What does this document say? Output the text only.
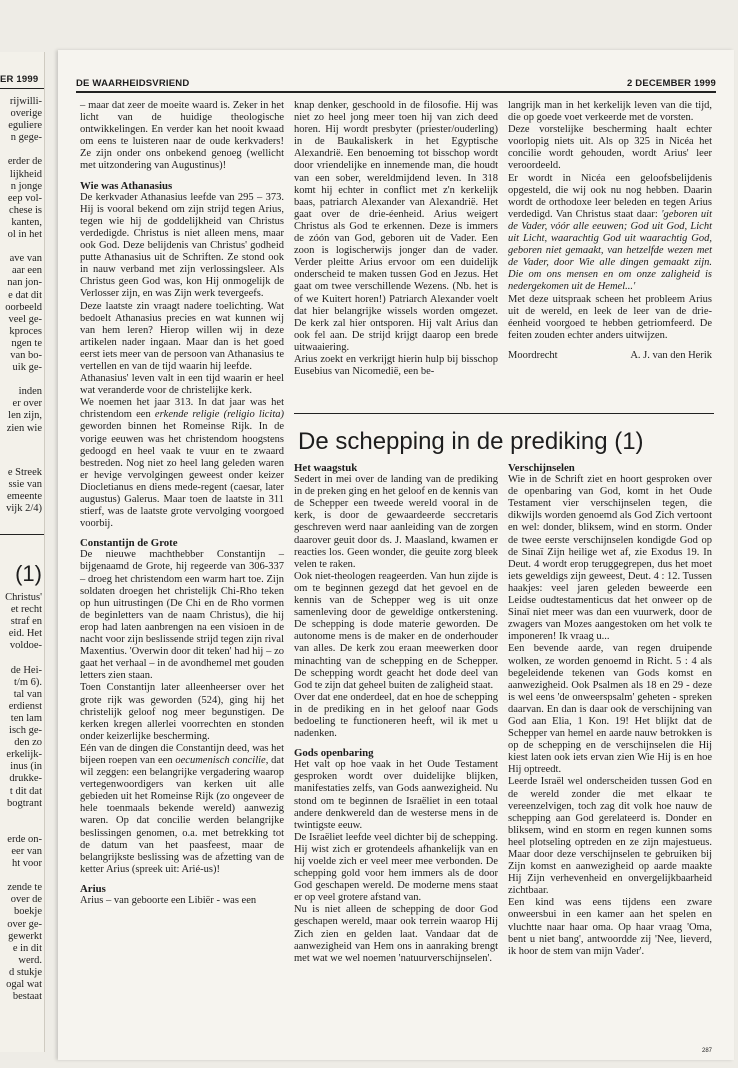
ER 1999
rijwilli-
overige
eguliere
n gege-

erder de
lijkheid
n jonge
eep vol-
chese is
kanten,
ol in het

ave van
aar een
nan jon-
e dat dit
oorbeeld
veel ge-
kproces
ngen te
van bo-
uik ge-

inden
er over
len zijn,
zien wie
e Streek
ssie van
emeente
vijk 2/4)
(1)
Christus'
et recht
straf en
eid. Het
voldoe-

de Hei-
t/m 6).
tal van
erdienst
ten lam
isch ge-
den zo
erkelijk-
inus (in
drukke-
t dit dat
bogtrant

erde on-
eer van
ht voor

zende te
over de
boekje
over ge-
gewerkt
e in dit
werd.
d stukje
ogal wat
bestaat
DE WAARHEIDSVRIEND	2 DECEMBER 1999

– maar dat zeer de moeite waard is. Zeker in het licht van de huidige theologische ontwikkelingen. En verder kan het nooit kwaad om eens te luisteren naar de oude kerkvaders! Ze zijn onder ons onbekend genoeg (wellicht met uitzondering van Augustinus)!

Wie was Athanasius

De kerkvader Athanasius leefde van 295 – 373. Hij is vooral bekend om zijn strijd tegen Arius, tegen wie hij de goddelijkheid van Christus verdedigde. Christus is niet alleen mens, maar ook God. Deze belijdenis van Christus' godheid putte Athanasius uit de Schriften. Ze stond ook in nauw verband met zijn verlossingsleer. Als Christus geen God was, kon Hij onmogelijk de Verlosser zijn, en was Zijn werk tevergeefs.

Deze laatste zin vraagt nadere toelichting. Wat bedoelt Athanasius precies en wat kunnen wij van hem leren? Hierop willen wij in deze artikelen nader ingaan. Maar dan is het goed eerst iets meer van de persoon van Athanasius te vertellen en van de tijd waarin hij leefde.

Athanasius' leven valt in een tijd waarin er heel wat veranderde voor de christelijke kerk.

We noemen het jaar 313. In dat jaar was het christendom een erkende religie (religio licita) geworden binnen het Romeinse Rijk. In de vorige eeuwen was het christendom hoogstens gedoogd en heel vaak te vuur en te zwaard bestreden. Nog niet zo heel lang geleden waren er hevige vervolgingen geweest onder keizer Diocletianus en diens mede-regent (caesar, later augustus) Galerus. Maar toen de laatste in 311 stierf, was de laatste grote vervolging voorgoed voorbij.

Constantijn de Grote

De nieuwe machthebber Constantijn – bijgenaamd de Grote, hij regeerde van 306-337 – droeg het christendom een warm hart toe. Zijn soldaten droegen het christelijk Chi-Rho teken op hun uitrustingen (De Chi en de Rho vormen de beginletters van de naam Christus), die hij erop had laten aanbrengen na een visioen in de nacht voor zijn beslissende strijd tegen zijn rival Maxentius. 'Overwin door dit teken' had hij – zo gaat het verhaal – in de avondhemel met gouden letters zien staan.

Toen Constantijn later alleenheerser over het grote rijk was geworden (524), ging hij het christelijk geloof nog meer begunstigen. De kerken kregen allerlei voorrechten en stonden onder keizerlijke bescherming.

Eén van de dingen die Constantijn deed, was het bijeen roepen van een oecumenisch concilie, dat wil zeggen: een belangrijke vergadering waarop vertegenwoordigers van kerken uit alle gebieden uit het Romeinse Rijk (zo ongeveer de hele toenmaals bekende wereld) aanwezig waren. Op dat concilie werden belangrijke beslissingen genomen, o.a. met betrekking tot de datum van het paasfeest, maar de belangrijkste beslissing was de afzetting van de ketter Arius (spreek uit: Arié-us)!

Arius

Arius – van geboorte een Libiër - was een

knap denker, geschoold in de filosofie. Hij was niet zo heel jong meer toen hij van zich deed horen. Hij wordt presbyter (priester/ouderling) in de Baukaliskerk in het Egyptische Alexandrië. Een benoeming tot bisschop wordt door vriendelijke en innemende man, die houdt van een sober, wereldmijdend leven. In 318 komt hij echter in conflict met z'n kerkelijk baas, patriarch Alexander van Alexandrië. Het gaat over de drie-éenheid. Arius weigert Christus als God te erkennen. Deze is immers de zóón van God, geboren uit de Vader. Een zoon is logischerwijs jonger dan de vader. Verder pleitte Arius ervoor om een duidelijk onderscheid te maken tussen God en Jezus. Het gaat om twee verschillende Wezens. (Nb. het is of we Kuitert horen!) Patriarch Alexander voelt dat hier belangrijke wissels worden omgezet. De kerk zal hier ontsporen. Hij valt Arius dan ook fel aan. De strijd krijgt daarop een brede uitwaaiering.

Arius zoekt en verkrijgt hierin hulp bij bisschop Eusebius van Nicomedië, een be-

langrijk man in het kerkelijk leven van die tijd, die op goede voet verkeerde met de vorsten.

Deze vorstelijke bescherming haalt echter voorlopig niets uit. Als op 325 in Nicéa het concilie wordt gehouden, wordt Arius' leer veroordeeld.

Er wordt in Nicéa een geloofsbelijdenis opgesteld, die wij ook nu nog hebben. Daarin wordt de orthodoxe leer beleden en tegen Arius verdedigd. Van Christus staat daar: 'geboren uit de Vader, vóór alle eeuwen; God uit God, Licht uit Licht, waarachtig God uit waarachtig God, geboren niet gemaakt, van hetzelfde wezen met de Vader, door Wie alle dingen gemaakt zijn. Die om ons mensen en om onze zaligheid is nedergekomen uit de Hemel...'

Met deze uitspraak scheen het probleem Arius uit de wereld, en leek de leer van de drie-éenheid voorgoed te hebben getriomfeerd. De feiten zouden echter anders uitwijzen.

Moordrecht	A. J. van den Herik
De schepping in de prediking (1)
Het waagstuk

Sedert in mei over de landing van de prediking in de preken ging en het geloof en de kennis van de Schepper een tweede wereld vooral in de kerk, is door de gewaardeerde seccretaris geschreven werd naar aanleiding van de zorgen daarover geuit door ds. J. Maasland, kwamen er reacties los. Geen wonder, die geuite zorg bleek velen te raken.

Ook niet-theologen reageerden. Van hun zijde is om te beginnen gezegd dat het gevoel en de kennis van de Schepper weg is uit onze samenleving door de geweldige ontkerstening. De schepping is dode materie geworden. De autonome mens is de maker en de onderhouder van alles. De kerk zou eraan meewerken door minachting van de schepping en de Schepper. De schepping wordt geacht het dode deel van God te zijn dat geheel buiten de zaligheid staat.

Over dat ene onderdeel, dat en hoe de schepping in de prediking en in het geloof naar Gods bedoeling te functioneren heeft, wil ik met u nadenken.

Gods openbaring

Het valt op hoe vaak in het Oude Testament gesproken wordt over duidelijke blijken, manifestaties zelfs, van Gods aanwezigheid. Nu stond om te beginnen de Israëliet in een totaal andere denkwereld dan de westerse mens in de twintigste eeuw.

De Israëliet leefde veel dichter bij de schepping. Hij wist zich er grotendeels afhankelijk van en hij voelde zich er veel meer mee verbonden. De schepping gold voor hem immers als de door God geschapen wereld. De moderne mens staat er op veel grotere afstand van.

Nu is niet alleen de schepping de door God geschapen wereld, maar ook terrein waarop Hij Zich zien en gelden laat. Vandaar dat de aanwezigheid van Hem ons in aanraking brengt met wat we wel noemen 'natuurverschijnselen'.

Verschijnselen

Wie in de Schrift ziet en hoort gesproken over de openbaring van God, komt in het Oude Testament vier verschijnselen tegen, die dikwijls worden genoemd als God Zich vertoont en wel: donder, bliksem, wind en storm. Onder de twee eerste verschijnselen kondigde God op de Sinaï Zijn heilige wet af, zie Exodus 19. In Deut. 4 wordt erop teruggegrepen, dus het moet iets geweldigs zijn geweest, Deut. 4 : 12. Tussen haakjes: veel jaren geleden beweerde een Leidse oudtestamenticus dat het onweer op de Sinaï niet meer was dan een vuurwerk, door de zwagers van Mozes aangestoken om het volk te imponeren! Ik vraag u...

Een bevende aarde, van regen druipende wolken, ze worden genoemd in Richt. 5 : 4 als begeleidende tekenen van Gods komst en aanwezigheid. Ook Psalmen als 18 en 29 - deze is wel eens 'de onweerspsalm' geheten - spreken daarvan. En dan is daar ook de verschijning van God aan Elia, 1 Kon. 19! Het blijkt dat de Schepper van hemel en aarde nauw betrokken is op de schepping en de verschijnselen die Hij kiest laten ook iets ervan zien Wie Hij is en hoe Hij optreedt.

Leerde Israël wel onderscheiden tussen God en de wereld zonder die met elkaar te vereenzelvigen, toch zag dit volk hoe nauw de schepping aan God gerelateerd is. Donder en bliksem, wind en storm en regen kunnen soms heel plotseling optreden en ze zijn majestueus. Maar door deze verschijnselen te gebruiken bij Zijn komst en aanwezigheid op aarde maakte Hij Zijn verhevenheid en onvergelijkbaarheid zichtbaar.

Een kind was eens tijdens een zware onweersbui in een kamer aan het spelen en vluchtte naar haar oma. Op haar vraag 'Oma, bent u niet bang', antwoordde zij 'Nee, lieverd, ik hoor de stem van mijn Vader'.

287
